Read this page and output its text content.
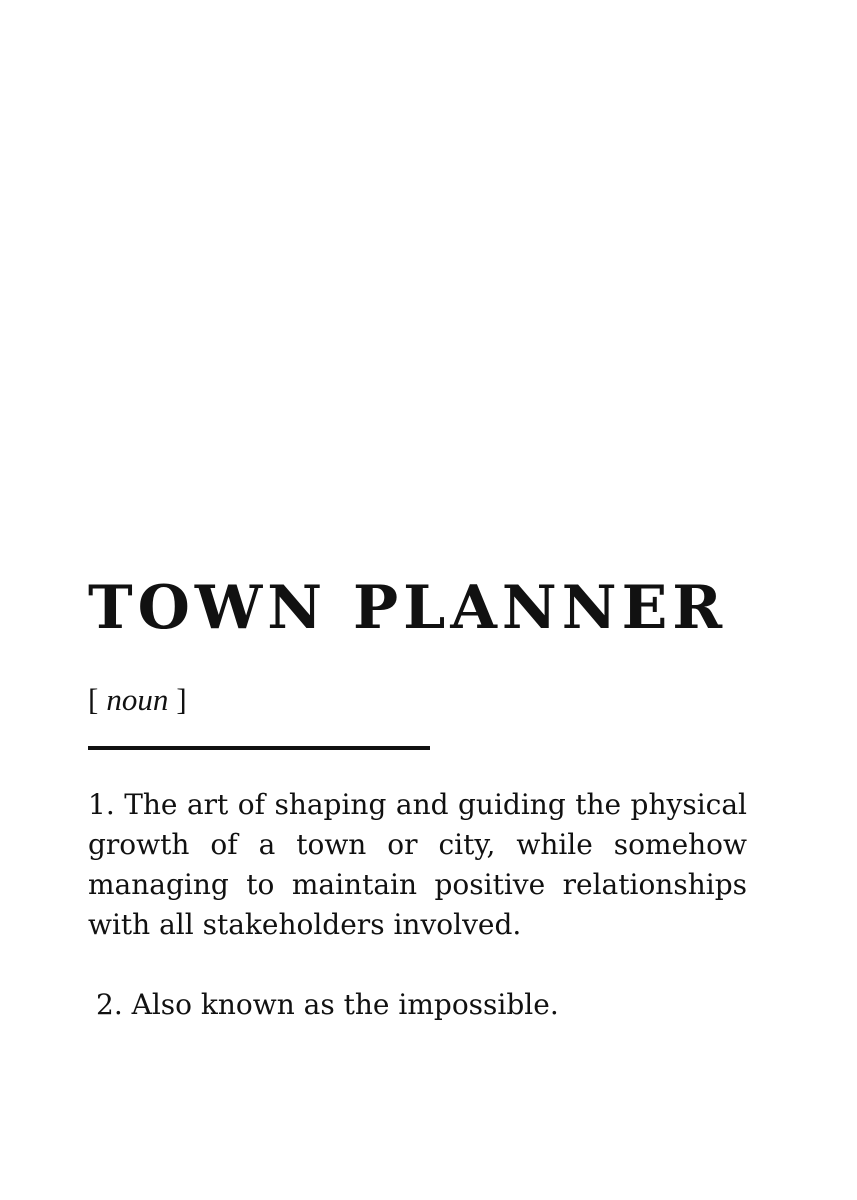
TOWN PLANNER
[ noun ]

1. The art of shaping and guiding the physical growth of a town or city, while somehow managing to maintain positive relationships with all stakeholders involved.

2. Also known as the impossible.
